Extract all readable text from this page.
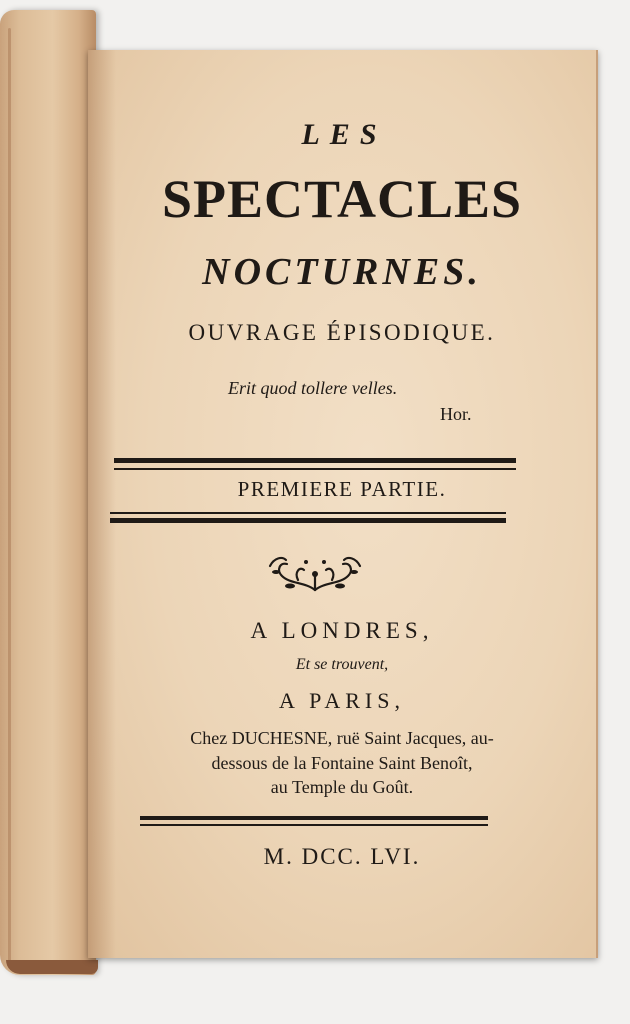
LES
SPECTACLES
NOCTURNES.
OUVRAGE ÉPISODIQUE.
Erit quod tollere velles.
Hor.
PREMIERE PARTIE.
A LONDRES,
Et se trouvent,
A PARIS,
Chez DUCHESNE, ruë Saint Jacques, au-
dessous de la Fontaine Saint Benoît,
au Temple du Goût.
M. DCC. LVI.
